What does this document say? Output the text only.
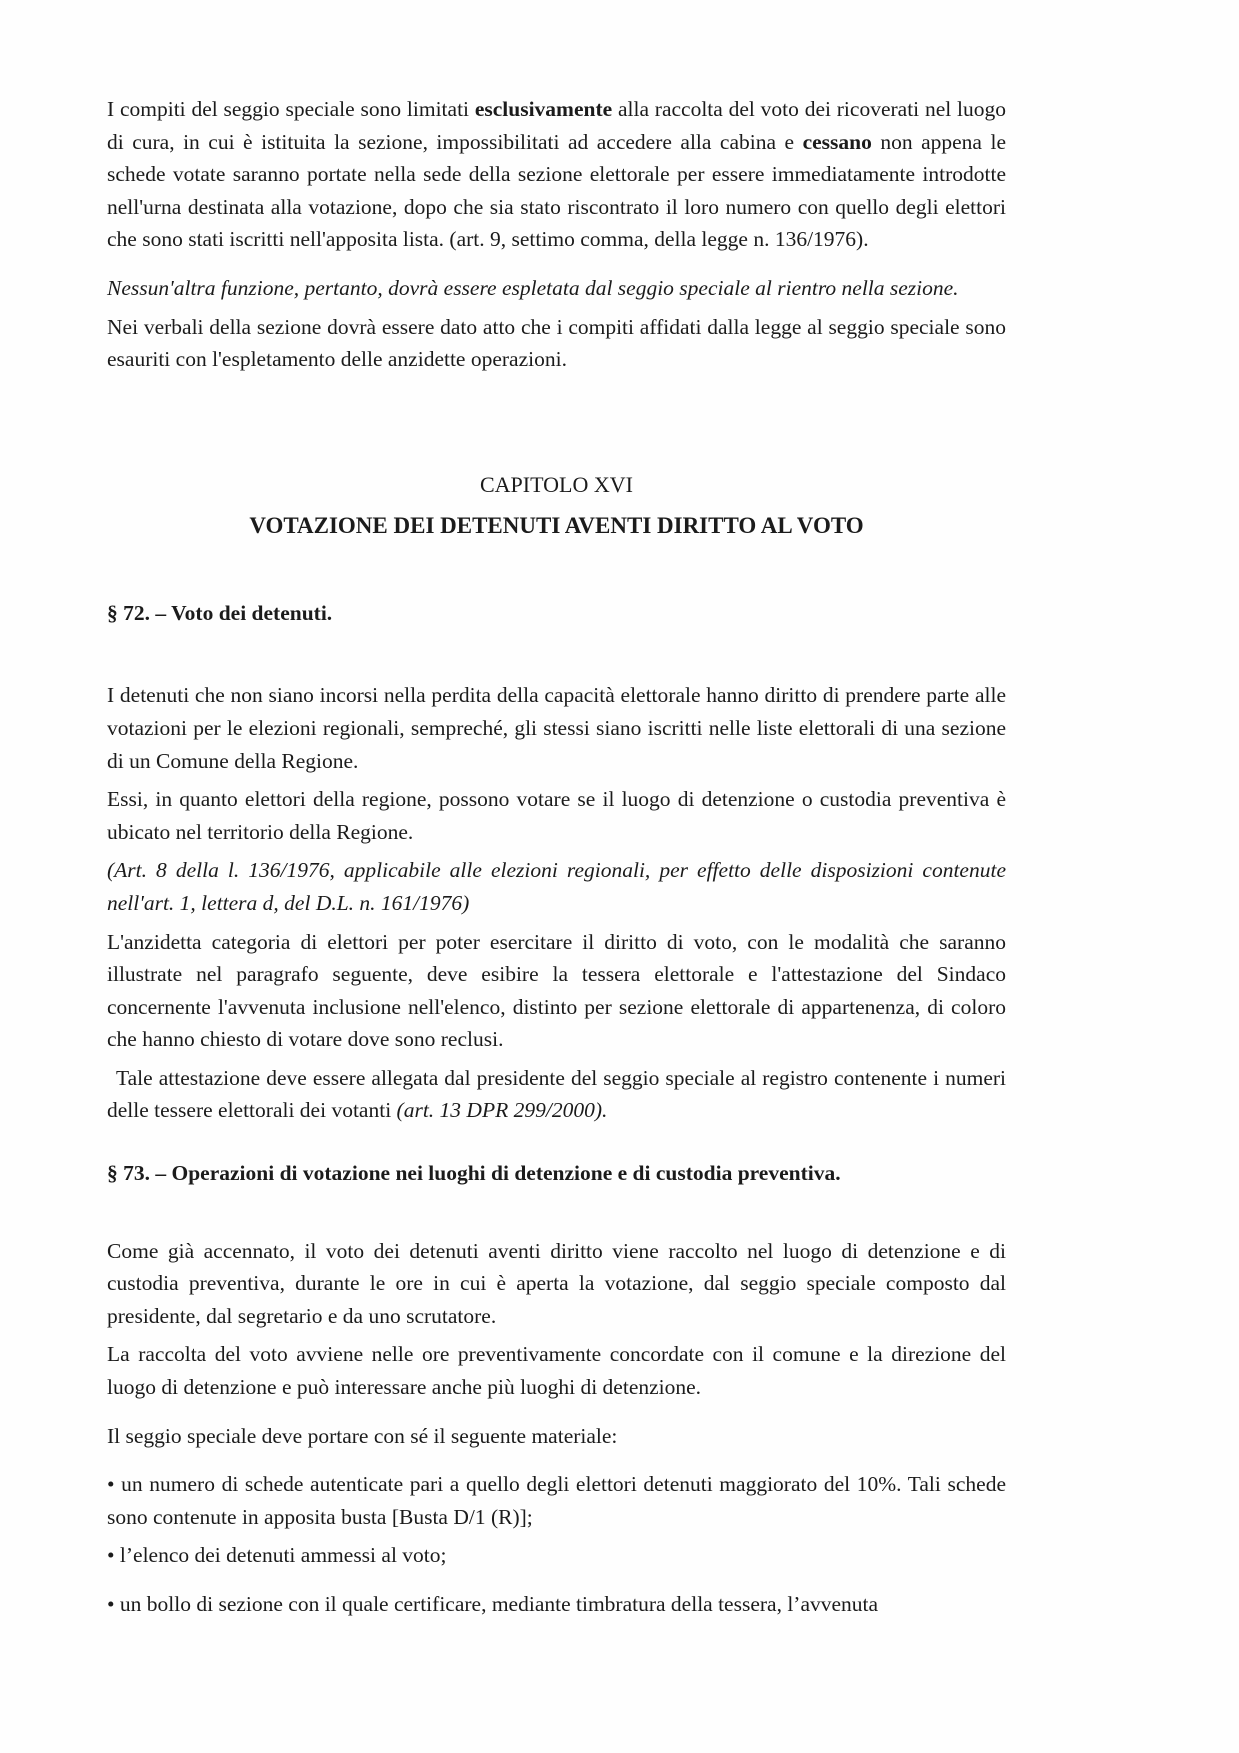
I compiti del seggio speciale sono limitati esclusivamente alla raccolta del voto dei ricoverati nel luogo di cura, in cui è istituita la sezione, impossibilitati ad accedere alla cabina e cessano non appena le schede votate saranno portate nella sede della sezione elettorale per essere immediatamente introdotte nell'urna destinata alla votazione, dopo che sia stato riscontrato il loro numero con quello degli elettori che sono stati iscritti nell'apposita lista. (art. 9, settimo comma, della legge n. 136/1976).

Nessun'altra funzione, pertanto, dovrà essere espletata dal seggio speciale al rientro nella sezione.

Nei verbali della sezione dovrà essere dato atto che i compiti affidati dalla legge al seggio speciale sono esauriti con l'espletamento delle anzidette operazioni.

CAPITOLO XVI

VOTAZIONE DEI DETENUTI AVENTI DIRITTO AL VOTO

§ 72. – Voto dei detenuti.

I detenuti che non siano incorsi nella perdita della capacità elettorale hanno diritto di prendere parte alle votazioni per le elezioni regionali, sempreché, gli stessi siano iscritti nelle liste elettorali di una sezione di un Comune della Regione.

Essi, in quanto elettori della regione, possono votare se il luogo di detenzione o custodia preventiva è ubicato nel territorio della Regione.

(Art. 8 della l. 136/1976, applicabile alle elezioni regionali, per effetto delle disposizioni contenute nell'art. 1, lettera d, del D.L. n. 161/1976)

L'anzidetta categoria di elettori per poter esercitare il diritto di voto, con le modalità che saranno illustrate nel paragrafo seguente, deve esibire la tessera elettorale e l'attestazione del Sindaco concernente l'avvenuta inclusione nell'elenco, distinto per sezione elettorale di appartenenza, di coloro che hanno chiesto di votare dove sono reclusi.

Tale attestazione deve essere allegata dal presidente del seggio speciale al registro contenente i numeri delle tessere elettorali dei votanti (art. 13 DPR 299/2000).

§ 73. – Operazioni di votazione nei luoghi di detenzione e di custodia preventiva.

Come già accennato, il voto dei detenuti aventi diritto viene raccolto nel luogo di detenzione e di custodia preventiva, durante le ore in cui è aperta la votazione, dal seggio speciale composto dal presidente, dal segretario e da uno scrutatore.

La raccolta del voto avviene nelle ore preventivamente concordate con il comune e la direzione del luogo di detenzione e può interessare anche più luoghi di detenzione.

Il seggio speciale deve portare con sé il seguente materiale:

• un numero di schede autenticate pari a quello degli elettori detenuti maggiorato del 10%. Tali schede sono contenute in apposita busta [Busta D/1 (R)];

• l’elenco dei detenuti ammessi al voto;

• un bollo di sezione con il quale certificare, mediante timbratura della tessera, l’avvenuta
